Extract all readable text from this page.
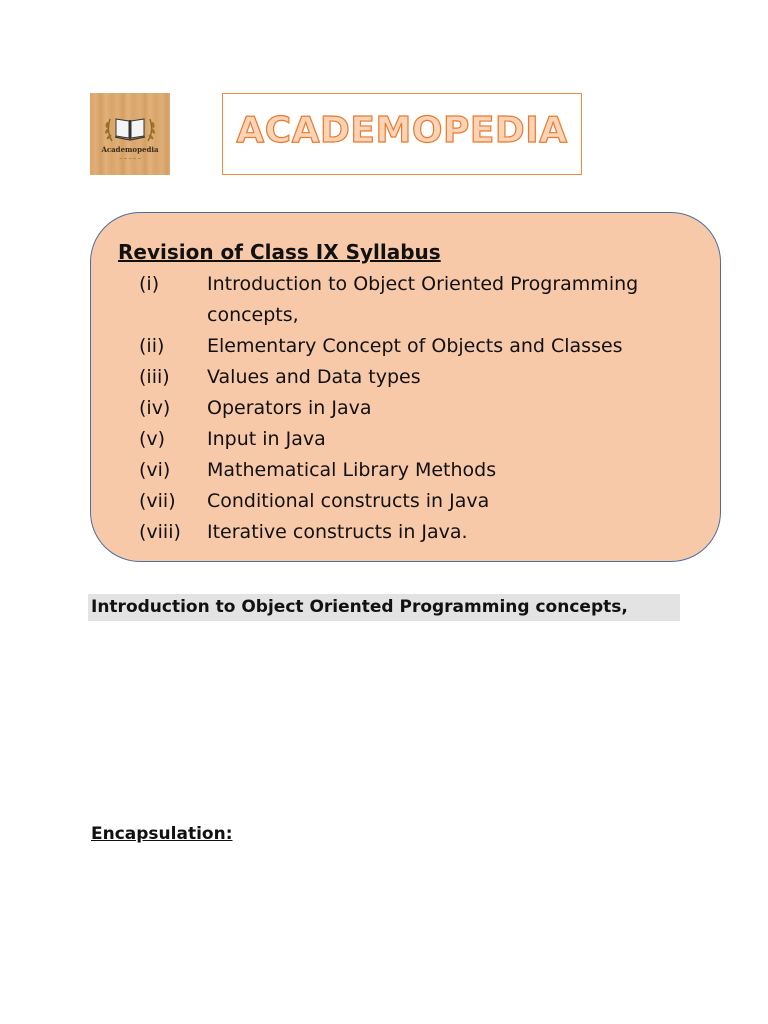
Academopedia
~ ~ ~ ~ ~
ACADEMOPEDIA
Revision of Class IX Syllabus
(i)	Introduction to Object Oriented Programming concepts,
(ii)	Elementary Concept of Objects and Classes
(iii)	Values and Data types
(iv)	Operators in Java
(v)	Input in Java
(vi)	Mathematical Library Methods
(vii)	Conditional constructs in Java
(viii)	Iterative constructs in Java.
Introduction to Object Oriented Programming concepts,
Encapsulation:
